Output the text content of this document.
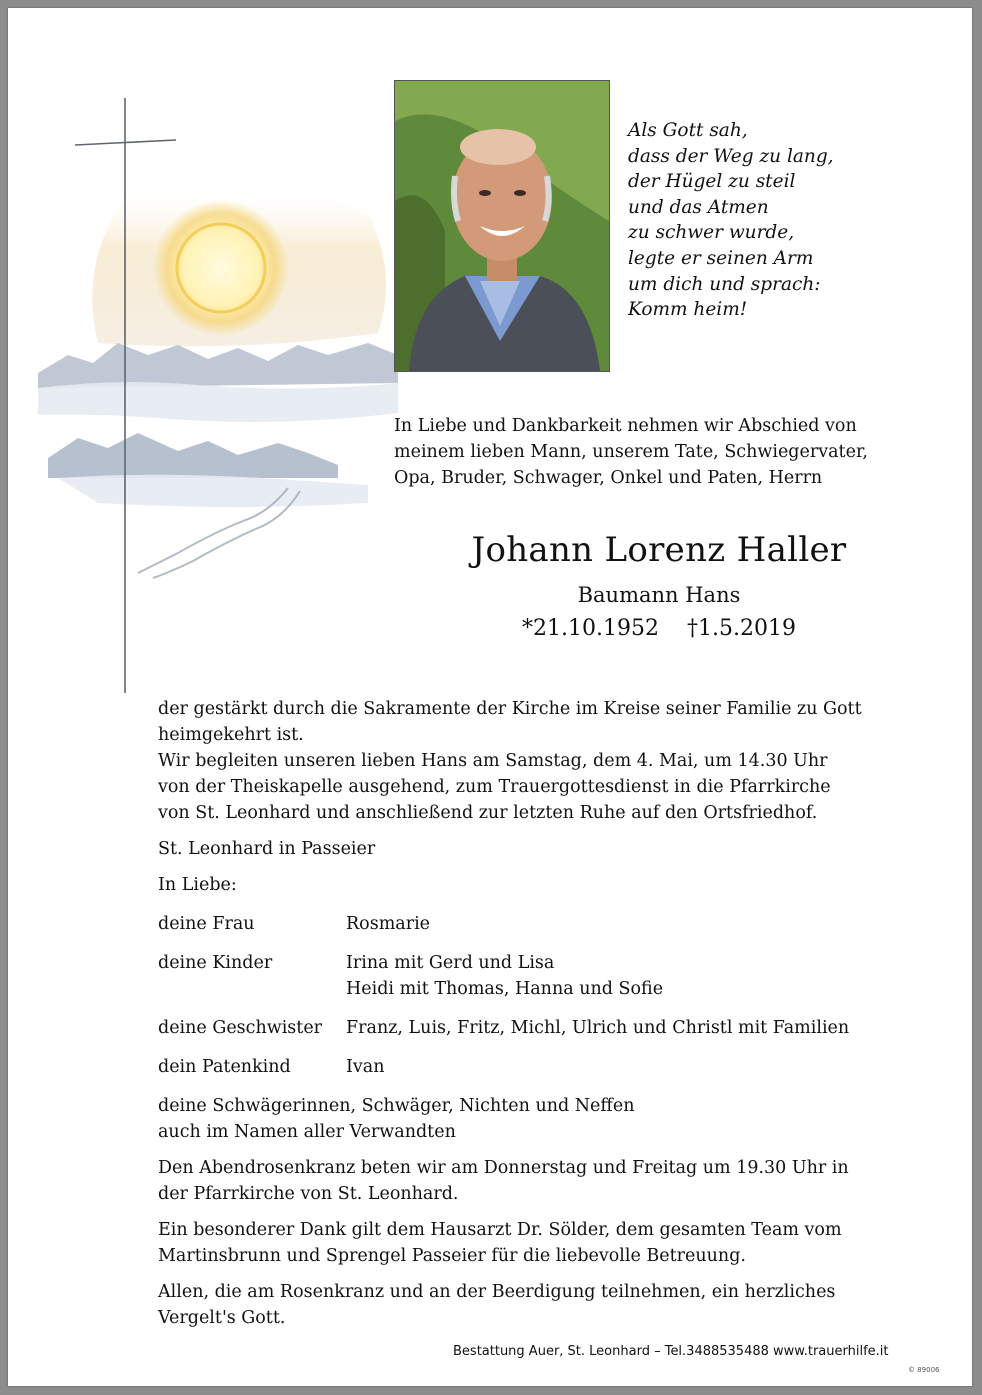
Als Gott sah,
dass der Weg zu lang,
der Hügel zu steil
und das Atmen
zu schwer wurde,
legte er seinen Arm
um dich und sprach:
Komm heim!
In Liebe und Dankbarkeit nehmen wir Abschied von
meinem lieben Mann, unserem Tate, Schwiegervater,
Opa, Bruder, Schwager, Onkel und Paten, Herrn
Johann Lorenz Haller
Baumann Hans
*21.10.1952    †1.5.2019
der gestärkt durch die Sakramente der Kirche im Kreise seiner Familie zu Gott
heimgekehrt ist.
Wir begleiten unseren lieben Hans am Samstag, dem 4. Mai, um 14.30 Uhr
von der Theiskapelle ausgehend, zum Trauergottesdienst in die Pfarrkirche
von St. Leonhard und anschließend zur letzten Ruhe auf den Ortsfriedhof.
St. Leonhard in Passeier
In Liebe:
deine Frau	Rosmarie
deine Kinder	Irina mit Gerd und Lisa
Heidi mit Thomas, Hanna und Sofie
deine Geschwister	Franz, Luis, Fritz, Michl, Ulrich und Christl mit Familien
dein Patenkind	Ivan
deine Schwägerinnen, Schwäger, Nichten und Neffen
auch im Namen aller Verwandten
Den Abendrosenkranz beten wir am Donnerstag und Freitag um 19.30 Uhr in
der Pfarrkirche von St. Leonhard.
Ein besonderer Dank gilt dem Hausarzt Dr. Sölder, dem gesamten Team vom
Martinsbrunn und Sprengel Passeier für die liebevolle Betreuung.
Allen, die am Rosenkranz und an der Beerdigung teilnehmen, ein herzliches
Vergelt's Gott.
Bestattung Auer, St. Leonhard – Tel.3488535488 www.trauerhilfe.it
© 89006
